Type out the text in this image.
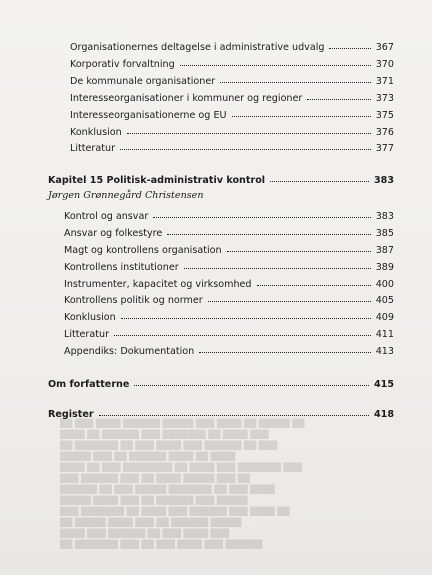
██ ███ ████ ██████ █████ ███ ████ ██ █████ ██
████ ██ ██████ ███ ███████ ██ ████ ███
██ ███████ ██ ███ ████ ███ ██████ ██ ███
█████ ███ ██ ██████ ████ ██ ████
████ ██ ███ ████████ ██ ████ ███ ███████ ███
███ ██████ ███ ██ ████ █████ ███ ██
██████ ██ ███ █████ ███████ ██ ███ ████
█████ ████ ███ ██ ██████ ███ █████
███ ███████ ██ ████ ███ ██████ ███ ████ ██
██ █████ ████ ███ ██ ██████ █████
████ ███ ██████ ██ ███ ████ ███
██ ███████ ███ ██ ███ ████ ███ ██████
Organisationernes deltagelse i administrative udvalg	367
Korporativ forvaltning	370
De kommunale organisationer	371
Interesseorganisationer i kommuner og regioner	373
Interesseorganisationerne og EU	375
Konklusion	376
Litteratur	377
Kapitel 15 Politisk-administrativ kontrol	383
Jørgen Grønnegård Christensen
Kontrol og ansvar	383
Ansvar og folkestyre	385
Magt og kontrollens organisation	387
Kontrollens institutioner	389
Instrumenter, kapacitet og virksomhed	400
Kontrollens politik og normer	405
Konklusion	409
Litteratur	411
Appendiks: Dokumentation	413
Om forfatterne	415
Register	418
